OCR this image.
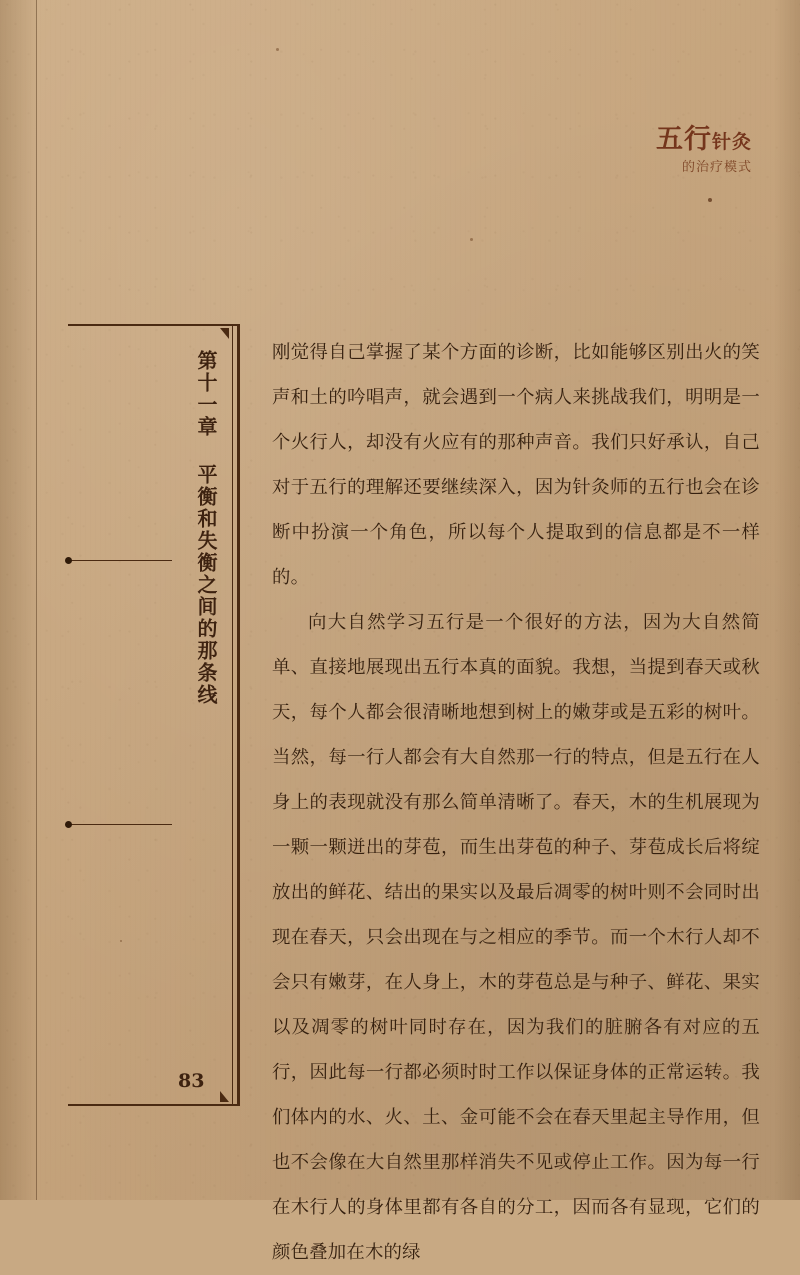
五行针灸
的治疗模式
第十一章 平衡和失衡之间的那条线
83

刚觉得自己掌握了某个方面的诊断，比如能够区别出火的笑声和土的吟唱声，就会遇到一个病人来挑战我们，明明是一个火行人，却没有火应有的那种声音。我们只好承认，自己对于五行的理解还要继续深入，因为针灸师的五行也会在诊断中扮演一个角色，所以每个人提取到的信息都是不一样的。

向大自然学习五行是一个很好的方法，因为大自然简单、直接地展现出五行本真的面貌。我想，当提到春天或秋天，每个人都会很清晰地想到树上的嫩芽或是五彩的树叶。当然，每一行人都会有大自然那一行的特点，但是五行在人身上的表现就没有那么简单清晰了。春天，木的生机展现为一颗一颗迸出的芽苞，而生出芽苞的种子、芽苞成长后将绽放出的鲜花、结出的果实以及最后凋零的树叶则不会同时出现在春天，只会出现在与之相应的季节。而一个木行人却不会只有嫩芽，在人身上，木的芽苞总是与种子、鲜花、果实以及凋零的树叶同时存在，因为我们的脏腑各有对应的五行，因此每一行都必须时时工作以保证身体的正常运转。我们体内的水、火、土、金可能不会在春天里起主导作用，但也不会像在大自然里那样消失不见或停止工作。因为每一行在木行人的身体里都有各自的分工，因而各有显现，它们的颜色叠加在木的绿
